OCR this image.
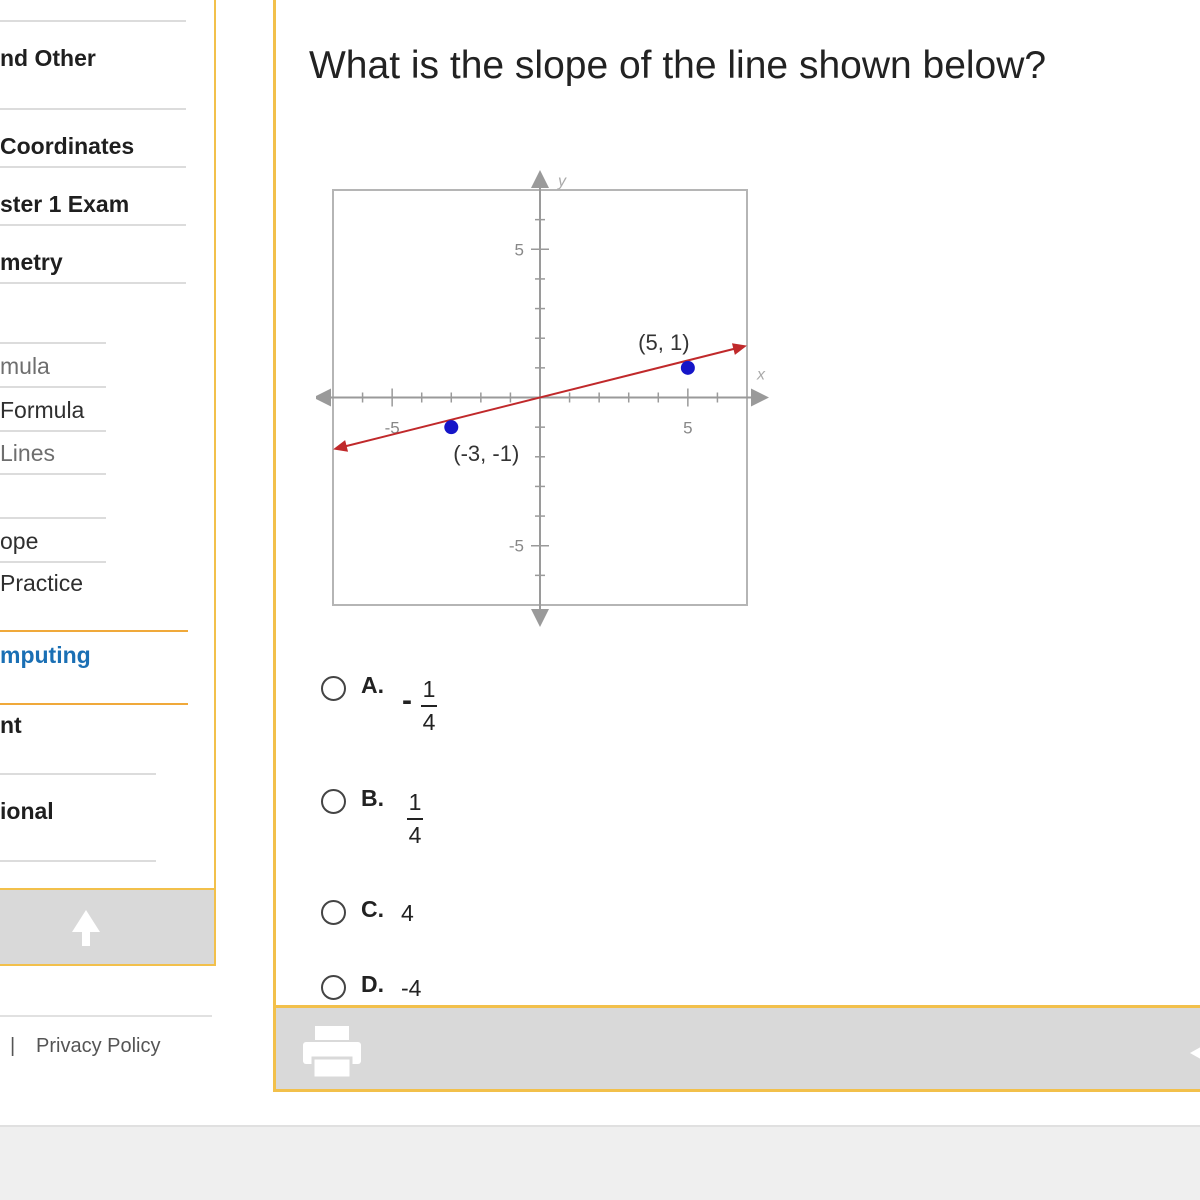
nd Other
Coordinates
ster 1 Exam
metry
mula
Formula
Lines
ope
Practice
mputing
nt
ional
| Privacy Policy
What is the slope of the line shown below?
-5	5
5
-5
x
y
(-3, -1)
(5, 1)
A. - 1
4
B. 1
4
C. 4
D. -4
